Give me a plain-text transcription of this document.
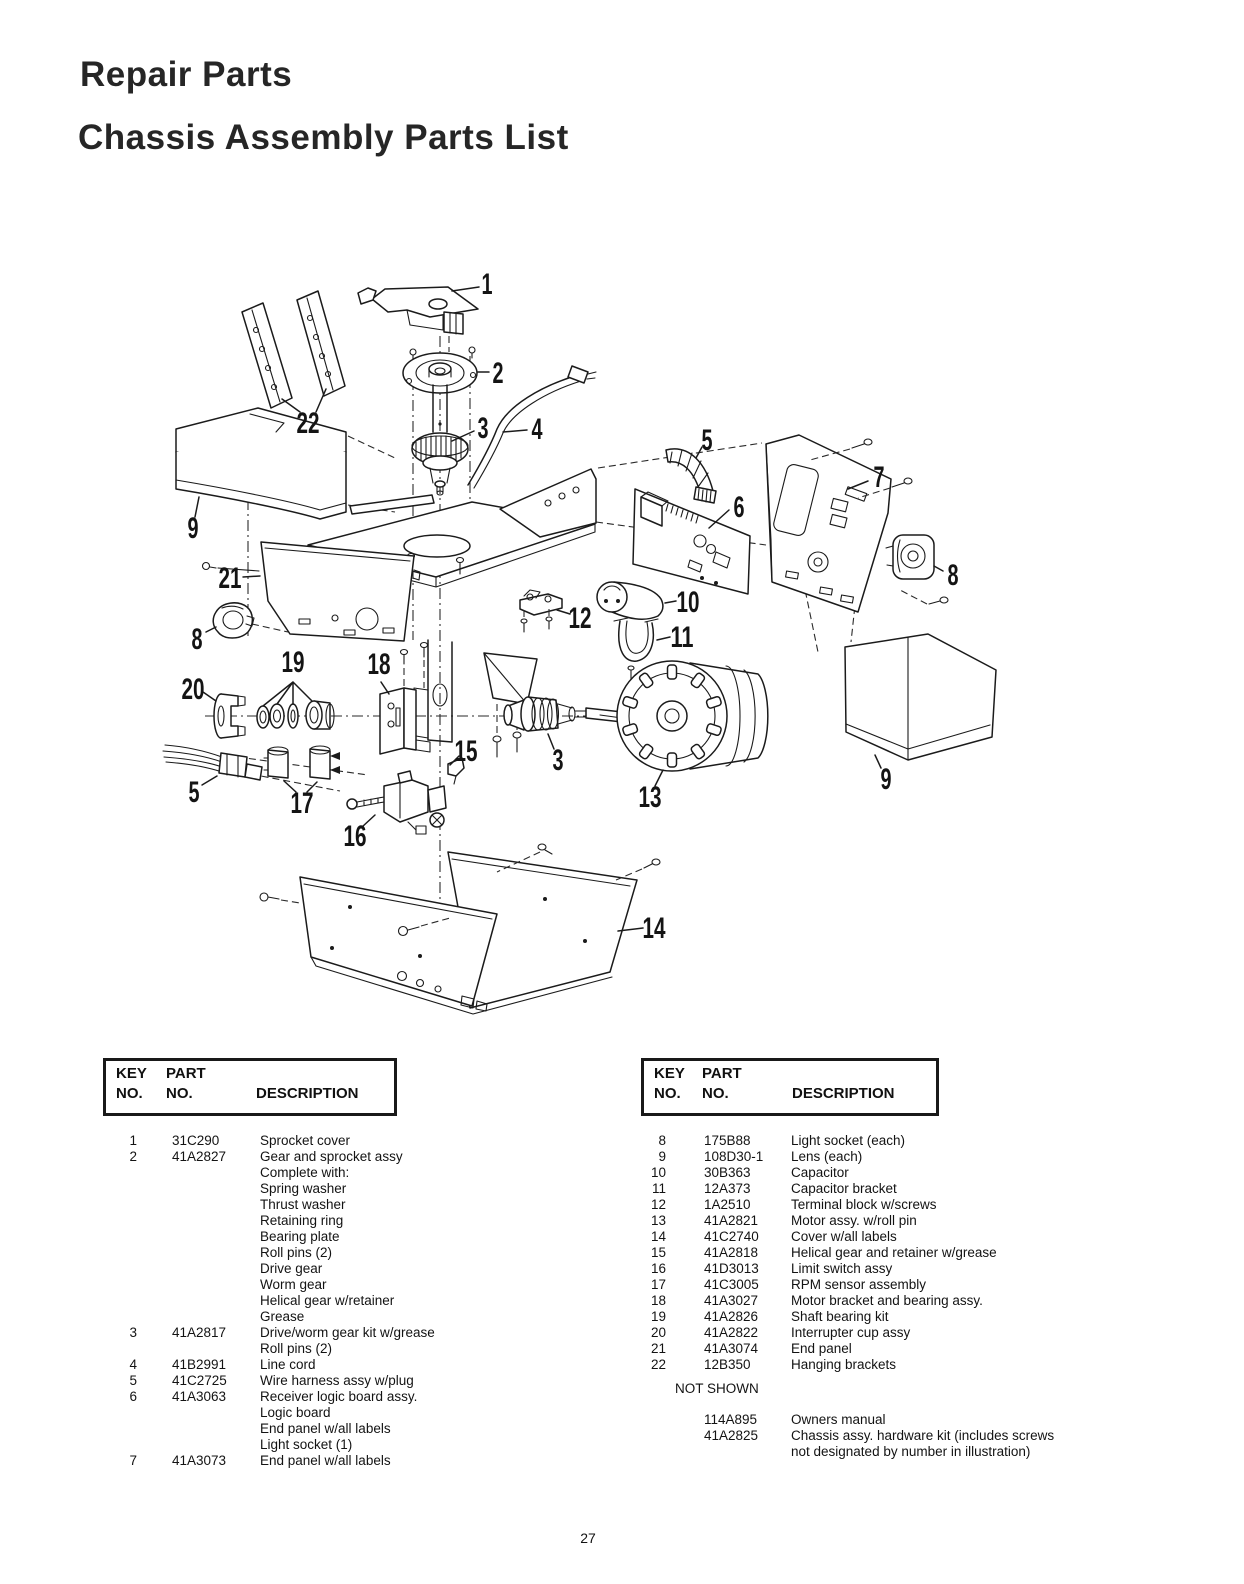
Repair Parts
Chassis Assembly Parts List
1
2
3 4
22
9
21
8
5
6
7
8
10
12
11
19 18
20
15	3
13
9
5	17
16
14
KEY
NO.
PART
NO.	DESCRIPTION
1	31C290	Sprocket cover
2	41A2827	Gear and sprocket assy
Complete with:
Spring washer
Thrust washer
Retaining ring
Bearing plate
Roll pins (2)
Drive gear
Worm gear
Helical gear w/retainer
Grease
3	41A2817	Drive/worm gear kit w/grease
Roll pins (2)
4	41B2991	Line cord
5	41C2725 Wire harness assy w/plug
6	41A3063	Receiver logic board assy.
Logic board
End panel w/all labels
Light socket (1)
7	41A3073	End panel w/all labels
KEY
NO.
PART
NO.	DESCRIPTION
8	175B88	Light socket (each)
9	108D30-1 Lens (each)
10	30B363	Capacitor
11	12A373	Capacitor bracket
12	1A2510	Terminal block w/screws
13	41A2821 Motor assy. w/roll pin
14	41C2740 Cover w/all labels
15	41A2818 Helical gear and retainer w/grease
16	41D3013 Limit switch assy
17	41C3005 RPM sensor assembly
18	41A3027 Motor bracket and bearing assy.
19	41A2826 Shaft bearing kit
20	41A2822 Interrupter cup assy
21	41A3074 End panel
22	12B350	Hanging brackets
NOT SHOWN
114A895	Owners manual
41A2825 Chassis assy. hardware kit (includes screws
not designated by number in illustration)
27
